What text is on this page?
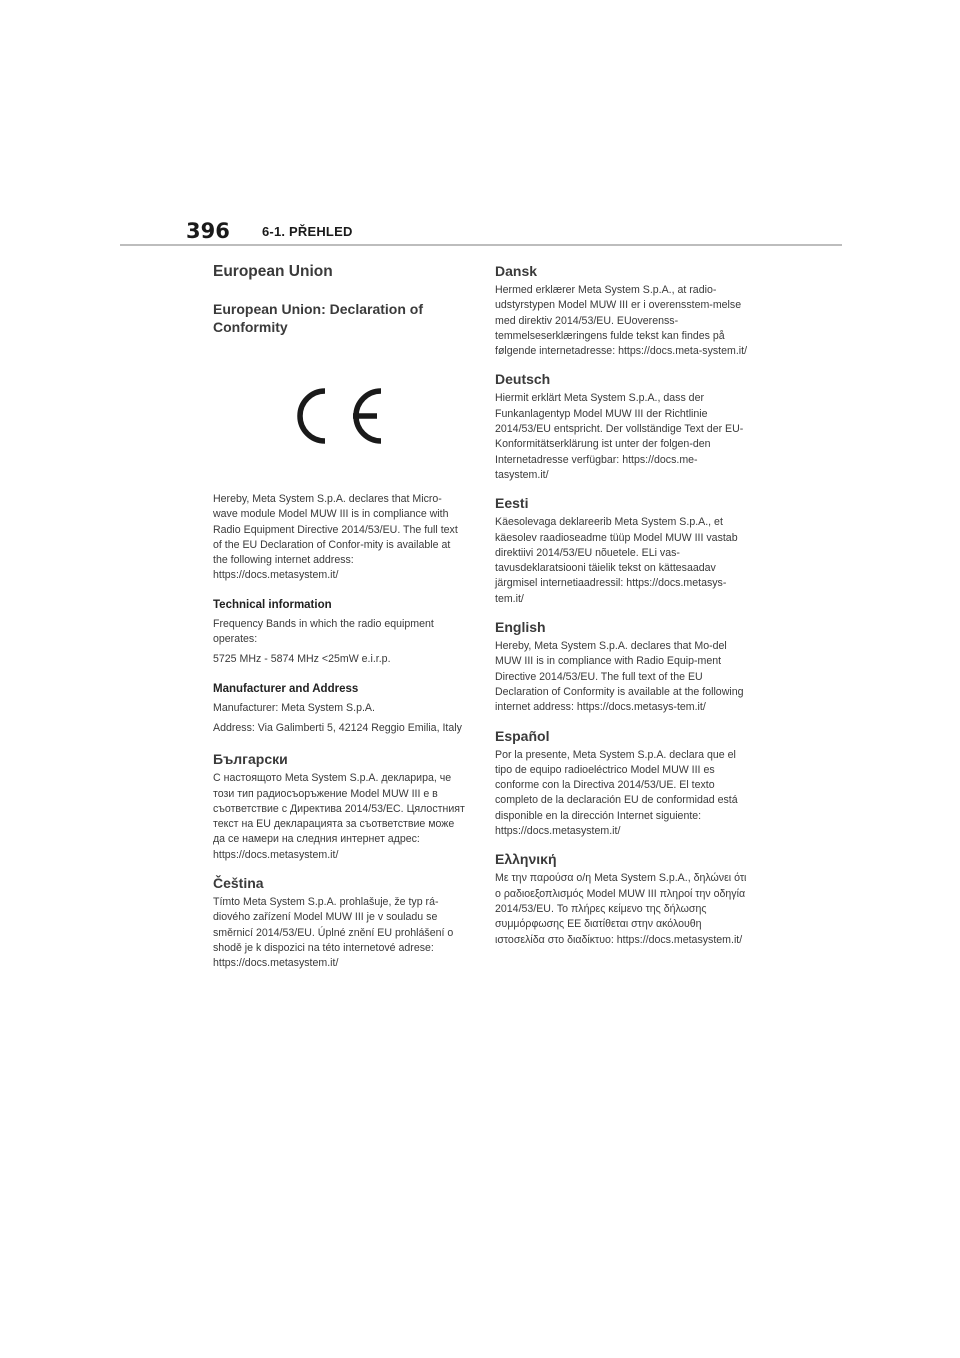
396	6-1. PŘEHLED
European Union
European Union: Declaration of Conformity

Hereby, Meta System S.p.A. declares that Micro-wave module Model MUW III is in compliance with Radio Equipment Directive 2014/53/EU. The full text of the EU Declaration of Confor-mity is available at the following internet address: https://docs.metasystem.it/

Technical information

Frequency Bands in which the radio equipment operates:

5725 MHz - 5874 MHz <25mW e.i.r.p.

Manufacturer and Address

Manufacturer: Meta System S.p.A.

Address: Via Galimberti 5, 42124 Reggio Emilia, Italy

Български

С настоящото Meta System S.p.A. декларира, че този тип радиосъоръжение Model MUW III е в съответствие с Директива 2014/53/ЕС. Цялостният текст на EU декларацията за съответствие може да се намери на следния интернет адрес: https://docs.metasystem.it/

Čeština

Tímto Meta System S.p.A. prohlašuje, že typ rá-diového zařízení Model MUW III je v souladu se směrnicí 2014/53/EU. Úplné znění EU prohlášení o shodě je k dispozici na této internetové adrese: https://docs.metasystem.it/

Dansk

Hermed erklærer Meta System S.p.A., at radio-udstyrstypen Model MUW III er i overensstem-melse med direktiv 2014/53/EU. EUoverenss-temmelseserklæringens fulde tekst kan findes på følgende internetadresse: https://docs.meta-system.it/

Deutsch

Hiermit erklärt Meta System S.p.A., dass der Funkanlagentyp Model MUW III der Richtlinie 2014/53/EU entspricht. Der vollständige Text der EU-Konformitätserklärung ist unter der folgen-den Internetadresse verfügbar: https://docs.me-tasystem.it/

Eesti

Käesolevaga deklareerib Meta System S.p.A., et käesolev raadioseadme tüüp Model MUW III vastab direktiivi 2014/53/EU nõuetele. ELi vas-tavusdeklaratsiooni täielik tekst on kättesaadav järgmisel internetiaadressil: https://docs.metasys-tem.it/

English

Hereby, Meta System S.p.A. declares that Mo-del MUW III is in compliance with Radio Equip-ment Directive 2014/53/EU. The full text of the EU Declaration of Conformity is available at the following internet address: https://docs.metasys-tem.it/

Español

Por la presente, Meta System S.p.A. declara que el tipo de equipo radioeléctrico Model MUW III es conforme con la Directiva 2014/53/UE. El texto completo de la declaración EU de conformidad está disponible en la dirección Internet siguiente: https://docs.metasystem.it/

Ελληνική

Με την παρούσα ο/η Meta System S.p.A., δηλώνει ότι ο ραδιοεξοπλισμός Model MUW III πληροί την οδηγία 2014/53/EU. Το πλήρες κείμενο της δήλωσης συμμόρφωσης ΕΕ διατίθεται στην ακόλουθη ιστοσελίδα στο διαδίκτυο: https://docs.metasystem.it/
